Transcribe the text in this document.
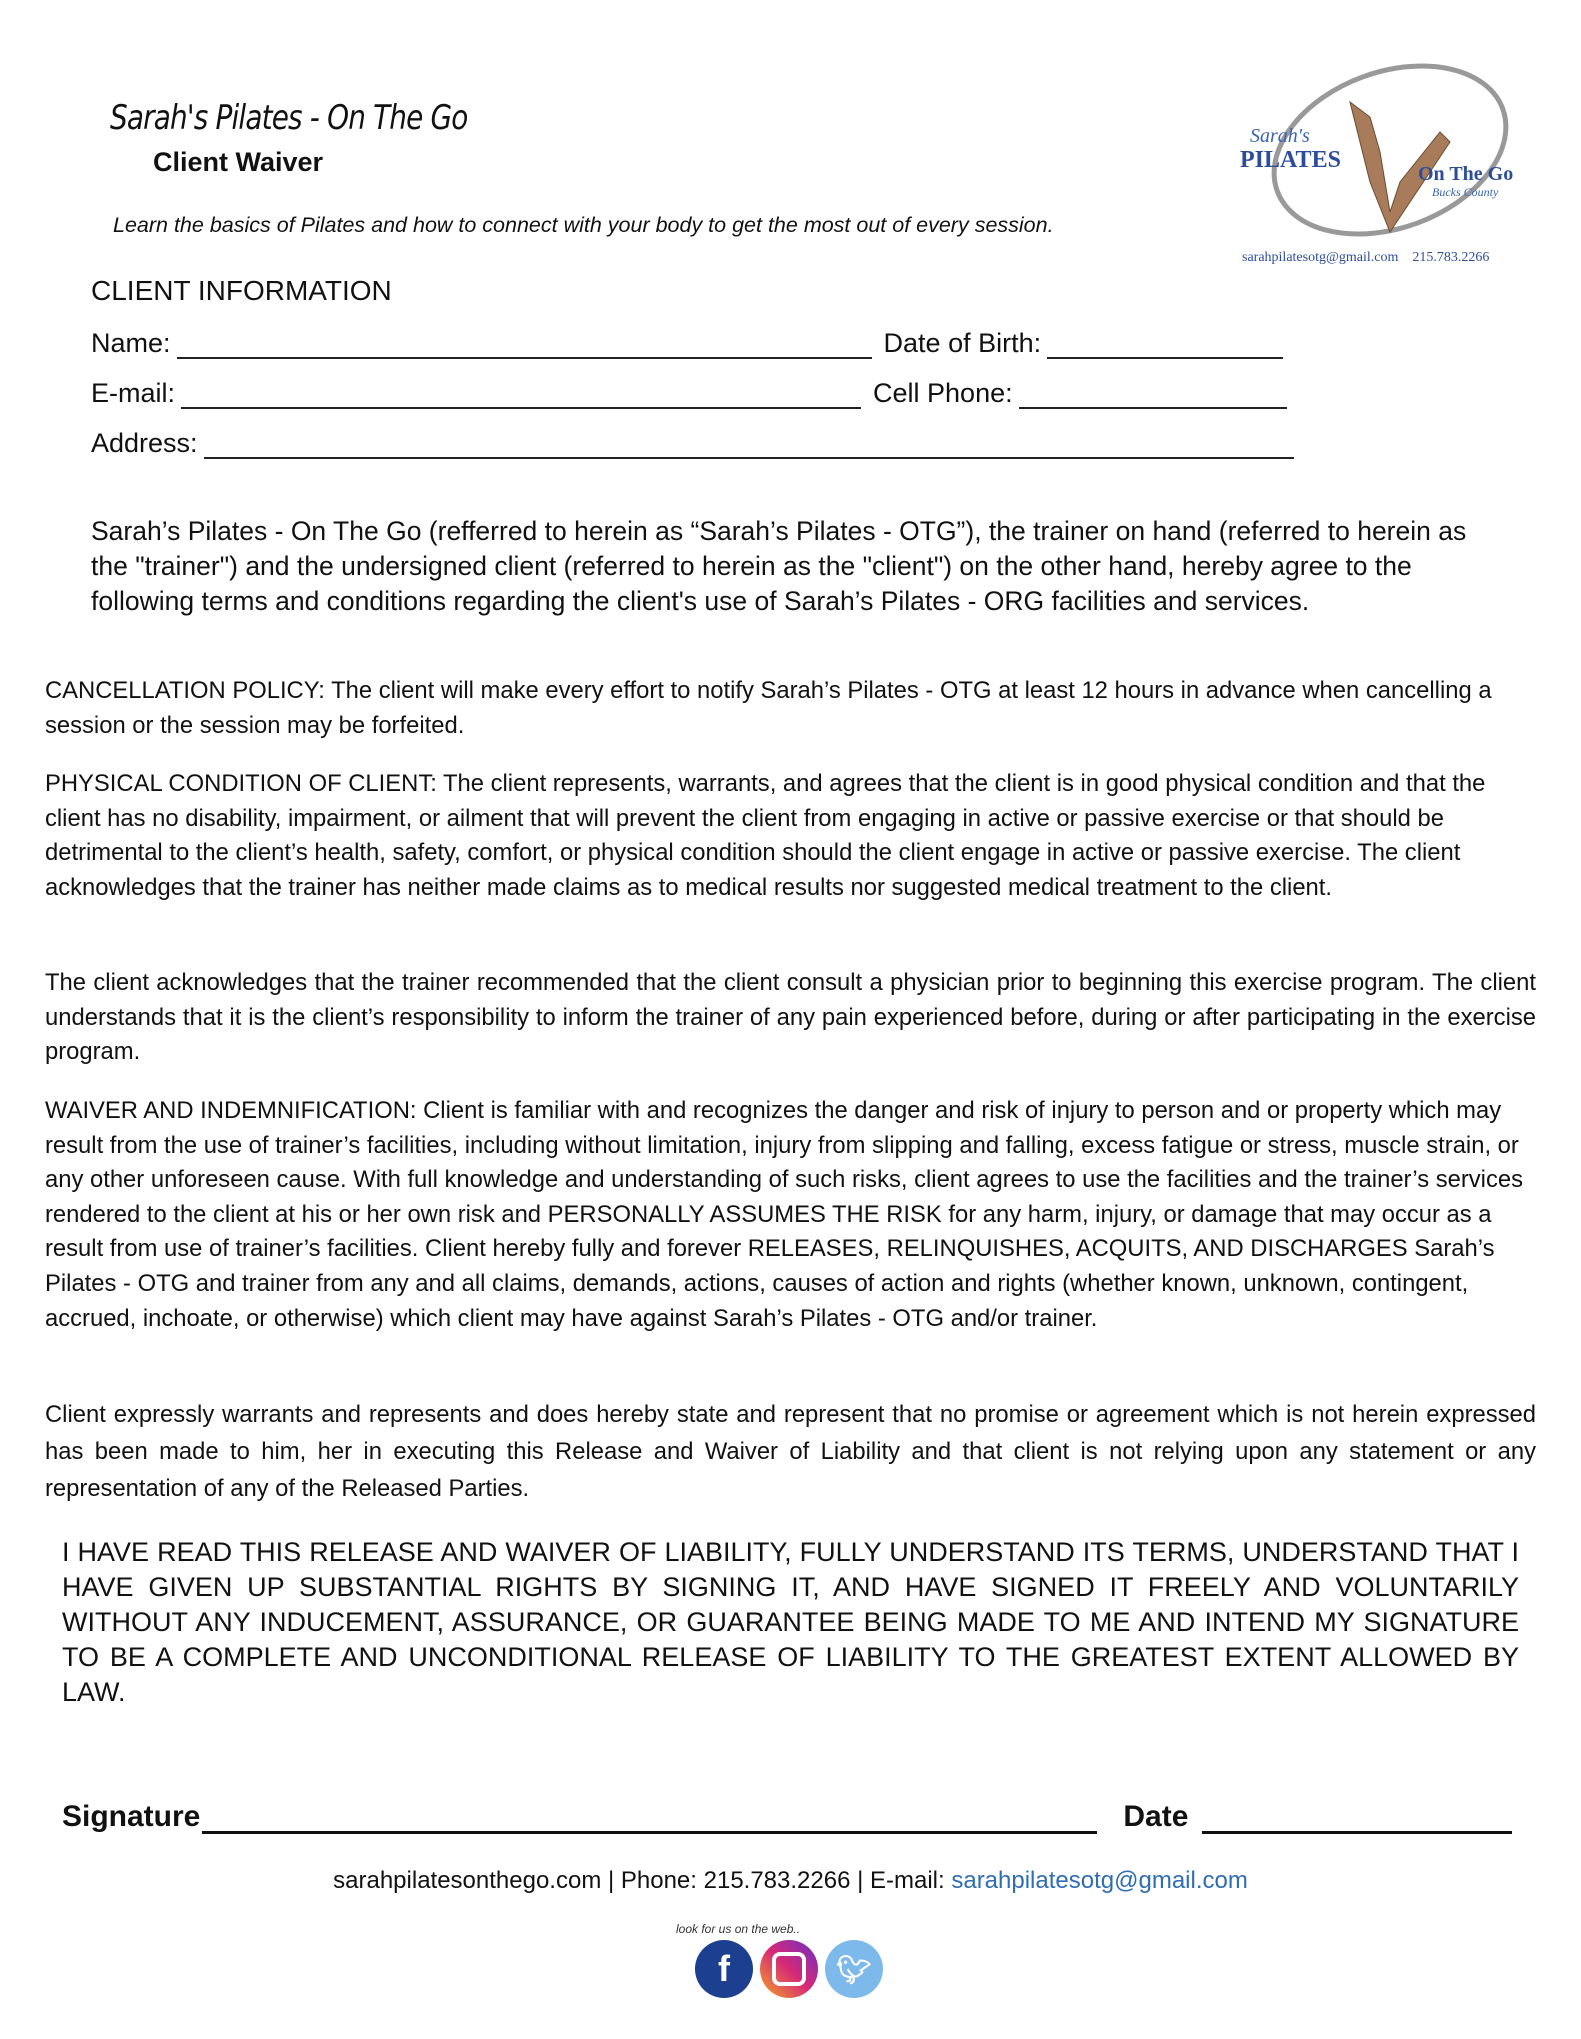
Sarah's Pilates - On The Go
Client Waiver
Learn the basics of Pilates and how to connect with your body to get the most out of every session.
Sarah's
PILATES
On The Go
Bucks County
sarahpilatesotg@gmail.com    215.783.2266
CLIENT INFORMATION
Name:	Date of Birth:
E-mail:	Cell Phone:
Address:
Sarah’s Pilates - On The Go (refferred to herein as “Sarah’s Pilates - OTG”), the trainer on hand (referred to herein as the "trainer") and the undersigned client (referred to herein as the "client") on the other hand, hereby agree to the following terms and conditions regarding the client's use of Sarah’s Pilates - ORG facilities and services.
CANCELLATION POLICY: The client will make every effort to notify Sarah’s Pilates - OTG at least 12 hours in advance when cancelling a session or the session may be forfeited.
PHYSICAL CONDITION OF CLIENT: The client represents, warrants, and agrees that the client is in good physical condition and that the client has no disability, impairment, or ailment that will prevent the client from engaging in active or passive exercise or that should be detrimental to the client’s health, safety, comfort, or physical condition should the client engage in active or passive exercise. The client acknowledges that the trainer has neither made claims as to medical results nor suggested medical treatment to the client.
The client acknowledges that the trainer recommended that the client consult a physician prior to beginning this exercise program. The client understands that it is the client’s responsibility to inform the trainer of any pain experienced before, during or after participating in the exercise program.
WAIVER AND INDEMNIFICATION: Client is familiar with and recognizes the danger and risk of injury to person and or property which may result from the use of trainer’s facilities, including without limitation, injury from slipping and falling, excess fatigue or stress, muscle strain, or any other unforeseen cause. With full knowledge and understanding of such risks, client agrees to use the facilities and the trainer’s services rendered to the client at his or her own risk and PERSONALLY ASSUMES THE RISK for any harm, injury, or damage that may occur as a result from use of trainer’s facilities. Client hereby fully and forever RELEASES, RELINQUISHES, ACQUITS, AND DISCHARGES Sarah’s Pilates - OTG and trainer from any and all claims, demands, actions, causes of action and rights (whether known, unknown, contingent, accrued, inchoate, or otherwise) which client may have against Sarah’s Pilates - OTG and/or trainer.
Client expressly warrants and represents and does hereby state and represent that no promise or agreement which is not herein expressed has been made to him, her in executing this Release and Waiver of Liability and that client is not relying upon any statement or any representation of any of the Released Parties.
I HAVE READ THIS RELEASE AND WAIVER OF LIABILITY, FULLY UNDERSTAND ITS TERMS, UNDERSTAND THAT I HAVE GIVEN UP SUBSTANTIAL RIGHTS BY SIGNING IT, AND HAVE SIGNED IT FREELY AND VOLUNTARILY WITHOUT ANY INDUCEMENT, ASSURANCE, OR GUARANTEE BEING MADE TO ME AND INTEND MY SIGNATURE TO BE A COMPLETE AND UNCONDITIONAL RELEASE OF LIABILITY TO THE GREATEST EXTENT ALLOWED BY LAW.
Signature	Date
sarahpilatesonthego.com | Phone: 215.783.2266 | E-mail: sarahpilatesotg@gmail.com
look for us on the web..
f	🐦︎
